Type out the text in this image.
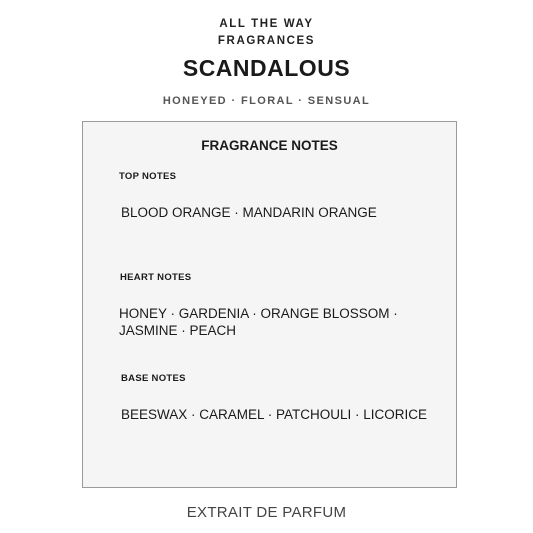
ALL THE WAY
FRAGRANCES
SCANDALOUS
HONEYED · FLORAL · SENSUAL
FRAGRANCE NOTES
TOP NOTES
BLOOD ORANGE · MANDARIN ORANGE
HEART NOTES
HONEY · GARDENIA · ORANGE BLOSSOM ·
JASMINE · PEACH
BASE NOTES
BEESWAX · CARAMEL · PATCHOULI · LICORICE
EXTRAIT DE PARFUM
